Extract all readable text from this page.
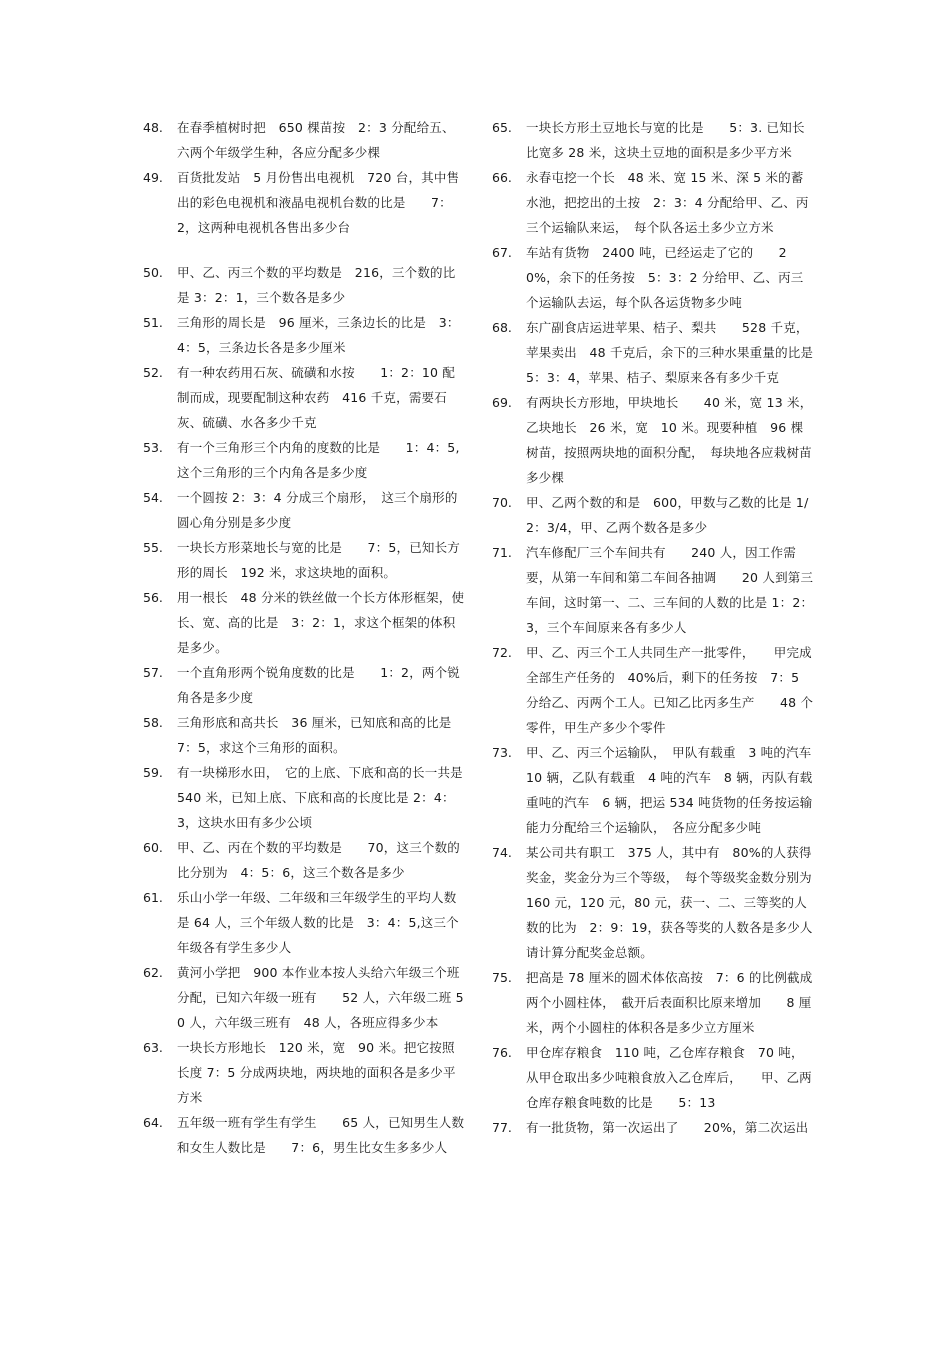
48.	在春季植树时把　650 棵苗按　2：3 分配给五、六两个年级学生种，各应分配多少棵
49.	百货批发站　5 月份售出电视机　720 台，其中售出的彩色电视机和液晶电视机台数的比是　　7：2，这两种电视机各售出多少台
50.	甲、乙、丙三个数的平均数是　216，三个数的比是 3：2：1，三个数各是多少
51.	三角形的周长是　96 厘米，三条边长的比是　3：4：5，三条边长各是多少厘米
52.	有一种农药用石灰、硫磺和水按　　1：2：10 配制而成，现要配制这种农药　416 千克，需要石灰、硫磺、水各多少千克
53.	有一个三角形三个内角的度数的比是　　1：4：5,这个三角形的三个内角各是多少度
54.	一个圆按 2：3：4 分成三个扇形，　这三个扇形的圆心角分别是多少度
55.	一块长方形菜地长与宽的比是　　7：5，已知长方形的周长　192 米，求这块地的面积。
56.	用一根长　48 分米的铁丝做一个长方体形框架，使长、宽、高的比是　3：2：1，求这个框架的体积是多少。
57.	一个直角形两个锐角度数的比是　　1：2，两个锐角各是多少度
58.	三角形底和高共长　36 厘米，已知底和高的比是 7：5，求这个三角形的面积。
59.	有一块梯形水田，　它的上底、下底和高的长一共是 540 米，已知上底、下底和高的长度比是 2：4：3，这块水田有多少公顷
60.	甲、乙、丙在个数的平均数是　　70，这三个数的比分别为　4：5：6，这三个数各是多少
61.	乐山小学一年级、二年级和三年级学生的平均人数是 64 人，三个年级人数的比是　3：4：5,这三个年级各有学生多少人
62.	黄河小学把　900 本作业本按人头给六年级三个班分配，已知六年级一班有　　52 人，六年级二班 50 人，六年级三班有　48 人，各班应得多少本
63.	一块长方形地长　120 米，宽　90 米。把它按照长度 7：5 分成两块地，两块地的面积各是多少平方米
64.	五年级一班有学生有学生　　65 人，已知男生人数和女生人数比是　　7：6，男生比女生多多少人
65.	一块长方形土豆地长与宽的比是　　5：3. 已知长比宽多 28 米，这块土豆地的面积是多少平方米
66.	永春屯挖一个长　48 米、宽 15 米、深 5 米的蓄水池，把挖出的土按　2：3：4 分配给甲、乙、丙三个运输队来运，　每个队各运土多少立方米
67.	车站有货物　2400 吨，已经运走了它的　　20%，余下的任务按　5：3：2 分给甲、乙、丙三个运输队去运，每个队各运货物多少吨
68.	东广副食店运进苹果、桔子、梨共　　528 千克，苹果卖出　48 千克后，余下的三种水果重量的比是 5：3：4，苹果、桔子、梨原来各有多少千克
69.	有两块长方形地，甲块地长　　40 米，宽 13 米，乙块地长　26 米，宽　10 米。现要种植　96 棵树苗，按照两块地的面积分配，　每块地各应栽树苗多少棵
70.	甲、乙两个数的和是　600，甲数与乙数的比是 1/2：3/4，甲、乙两个数各是多少
71.	汽车修配厂三个车间共有　　240 人，因工作需要，从第一车间和第二车间各抽调　　20 人到第三车间，这时第一、二、三车间的人数的比是 1：2：3，三个车间原来各有多少人
72.	甲、乙、丙三个工人共同生产一批零件，　　甲完成全部生产任务的　40%后，剩下的任务按　7：5 分给乙、丙两个工人。已知乙比丙多生产　　48 个零件，甲生产多少个零件
73.	甲、乙、丙三个运输队，　甲队有载重　3 吨的汽车 10 辆，乙队有载重　4 吨的汽车　8 辆，丙队有载重吨的汽车　6 辆，把运 534 吨货物的任务按运输能力分配给三个运输队，　各应分配多少吨
74.	某公司共有职工　375 人，其中有　80%的人获得奖金，奖金分为三个等级，　每个等级奖金数分别为 160 元，120 元，80 元，获一、二、三等奖的人数的比为　2：9：19，获各等奖的人数各是多少人请计算分配奖金总额。
75.	把高是 78 厘米的圆术体依高按　7：6 的比例截成两个小圆柱体，　截开后表面积比原来增加　　8 厘米，两个小圆柱的体积各是多少立方厘米
76.	甲仓库存粮食　110 吨，乙仓库存粮食　70 吨，从甲仓取出多少吨粮食放入乙仓库后，　　甲、乙两仓库存粮食吨数的比是　　5：13
77.	有一批货物，第一次运出了　　20%，第二次运出
